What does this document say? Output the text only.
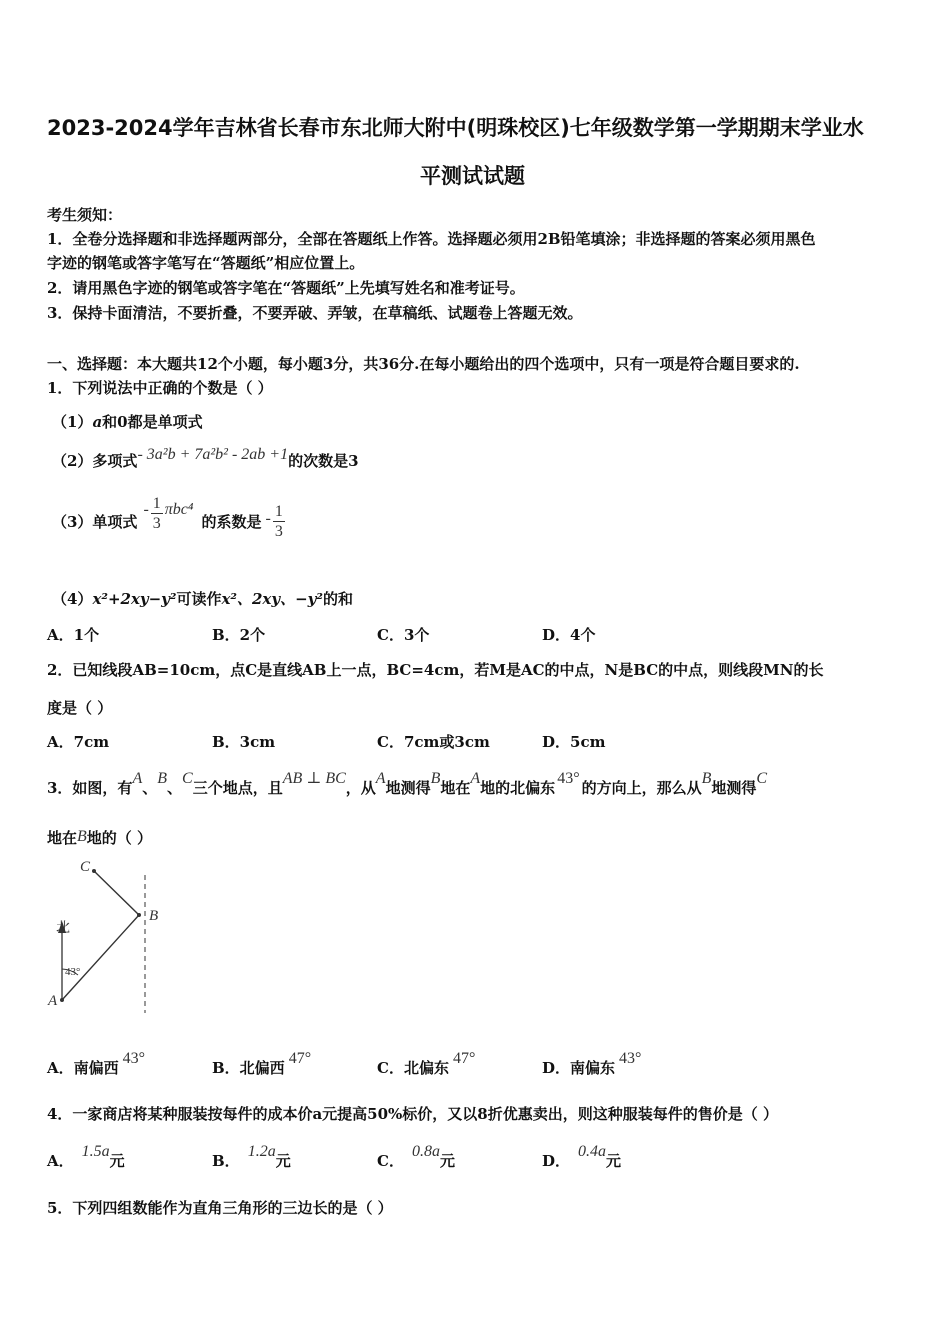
2023-2024学年吉林省长春市东北师大附中(明珠校区)七年级数学第一学期期末学业水
平测试试题
考生须知：
1．全卷分选择题和非选择题两部分，全部在答题纸上作答。选择题必须用2B铅笔填涂；非选择题的答案必须用黑色
字迹的钢笔或答字笔写在“答题纸”相应位置上。
2．请用黑色字迹的钢笔或答字笔在“答题纸”上先填写姓名和准考证号。
3．保持卡面清洁，不要折叠，不要弄破、弄皱，在草稿纸、试题卷上答题无效。
一、选择题：本大题共12个小题，每小题3分，共36分.在每小题给出的四个选项中，只有一项是符合题目要求的.
1．下列说法中正确的个数是（ ）
（1）a和0都是单项式
（2）多项式- 3a²b + 7a²b² - 2ab +1的次数是3
（3）单项式
- $\frac{1}{3} \pi bc^4$
的系数是 - $\frac{1}{3}$
（4）x²+2xy−y²可读作x²、2xy、−y²的和
A．1个	B．2个	C．3个	D．4个
2．已知线段AB=10cm，点C是直线AB上一点，BC=4cm，若M是AC的中点，N是BC的中点，则线段MN的长
度是（ ）
A．7cm	B．3cm	C．7cm或3cm	D．5cm
3．如图，有A、B、C三个地点，且AB ⊥ BC，从A地测得B地在A地的北偏东43°的方向上，那么从B地测得C
地在B地的（ ）
北
43°
A
B
C
A．南偏西43°
B．北偏西47°
C．北偏东47°
D．南偏东43°
4．一家商店将某种服装按每件的成本价a元提高50%标价，又以8折优惠卖出，则这种服装每件的售价是（ ）
A．1.5a元	B．1.2a元	C．0.8a元	D．0.4a元
5．下列四组数能作为直角三角形的三边长的是（ ）
